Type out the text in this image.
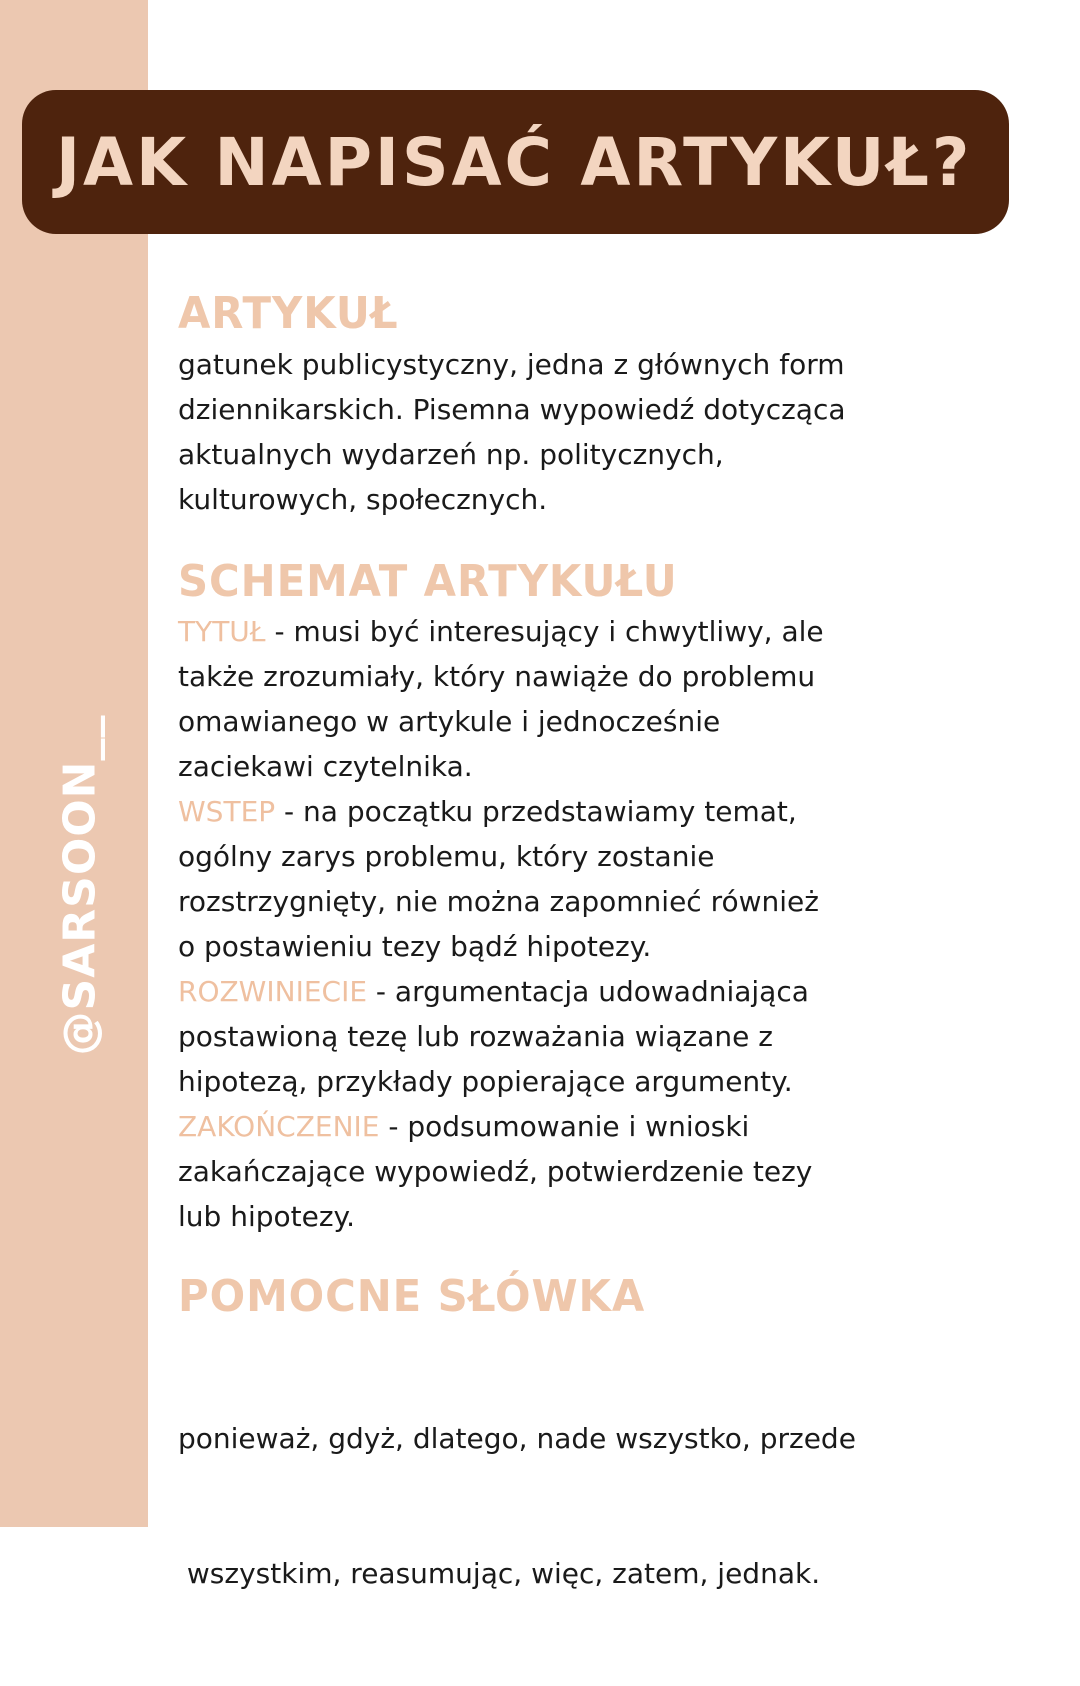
@SARSOON__
JAK NAPISAĆ ARTYKUŁ?
ARTYKUŁ
gatunek publicystyczny, jedna z głównych form
dziennikarskich. Pisemna wypowiedź dotycząca
aktualnych wydarzeń np. politycznych,
kulturowych, społecznych.
SCHEMAT ARTYKUŁU
TYTUŁ - musi być interesujący i chwytliwy, ale
także zrozumiały, który nawiąże do problemu
omawianego w artykule i jednocześnie
zaciekawi czytelnika.
WSTEP - na początku przedstawiamy temat,
ogólny zarys problemu, który zostanie
rozstrzygnięty, nie można zapomnieć również
o postawieniu tezy bądź hipotezy.
ROZWINIECIE - argumentacja udowadniająca
postawioną tezę lub rozważania wiązane z
hipotezą, przykłady popierające argumenty.
ZAKOŃCZENIE - podsumowanie i wnioski
zakańczające wypowiedź, potwierdzenie tezy
lub hipotezy.
POMOCNE SŁÓWKA

ponieważ, gdyż, dlatego, nade wszystko, przede

wszystkim, reasumując, więc, zatem, jednak.
